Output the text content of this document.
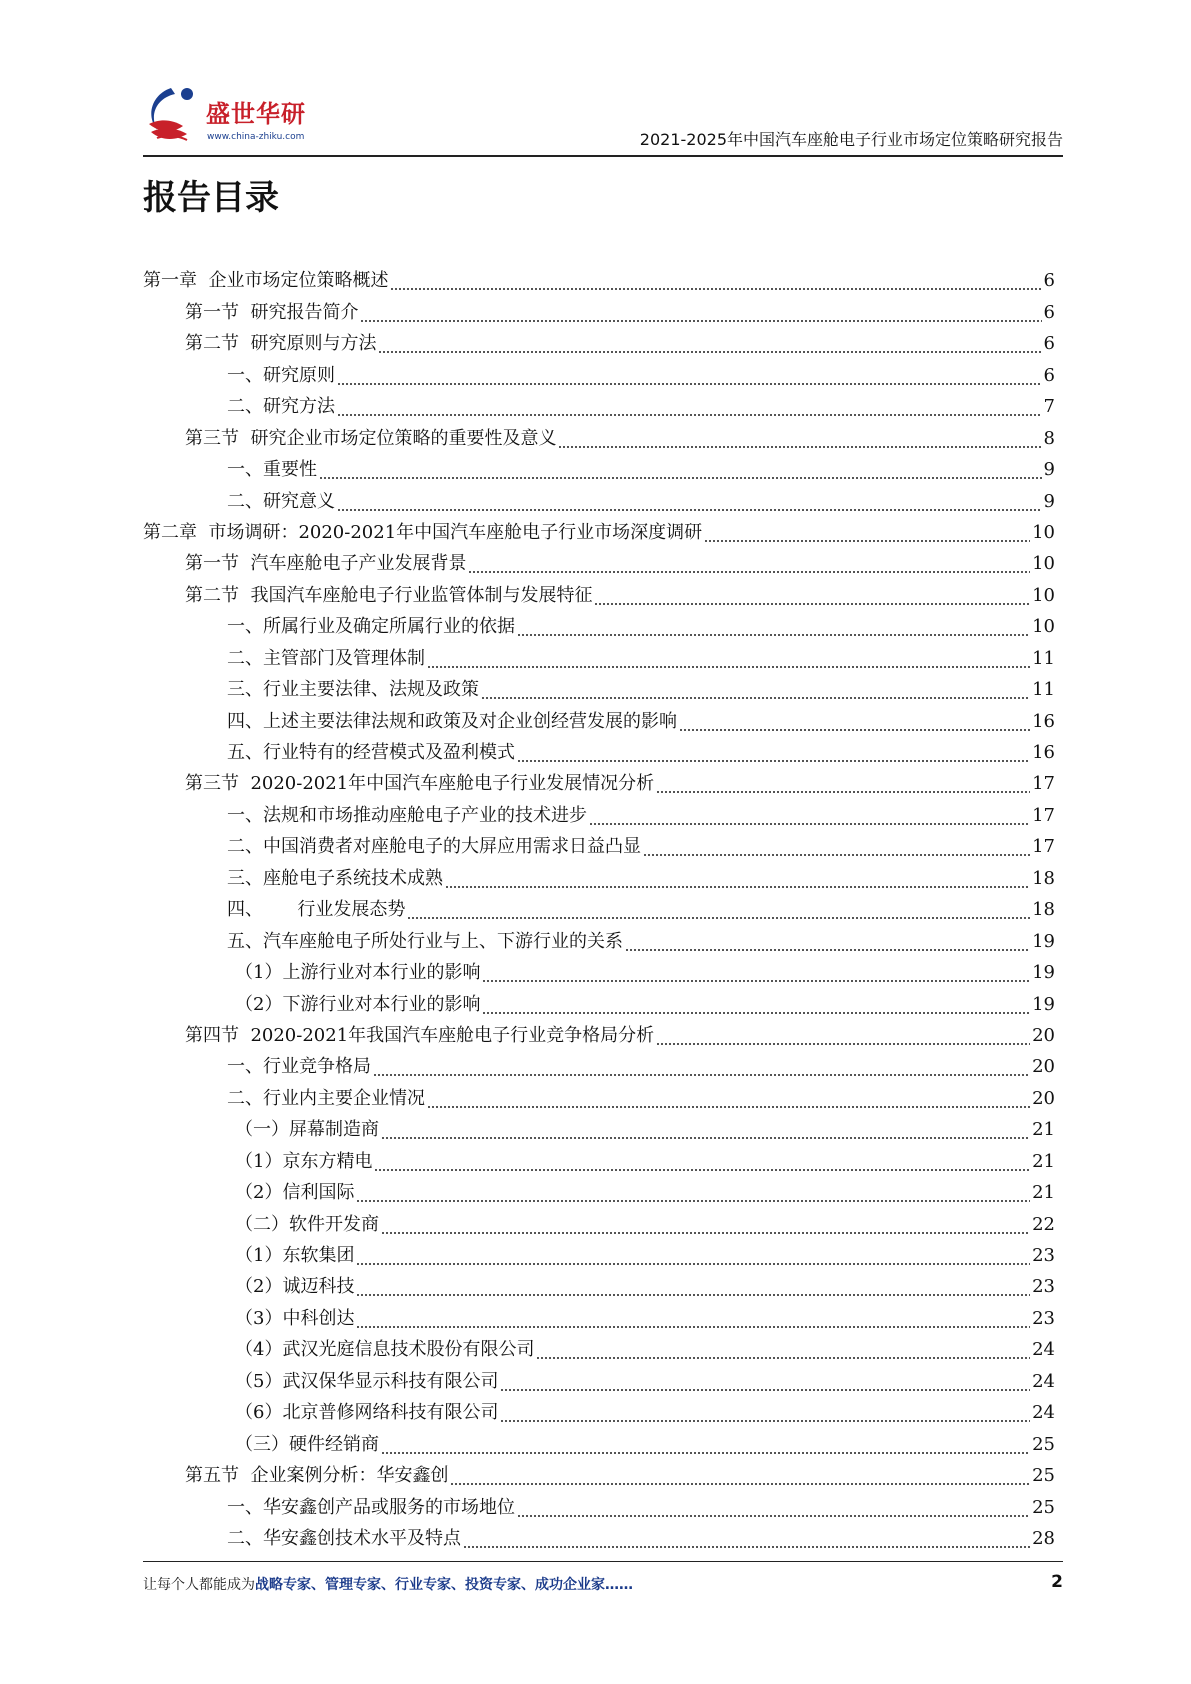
盛世华研
www.china-zhiku.com	2021-2025年中国汽车座舱电子行业市场定位策略研究报告
报告目录
第一章  企业市场定位策略概述	6
第一节  研究报告简介	6
第二节  研究原则与方法	6
一、研究原则	6
二、研究方法	7
第三节  研究企业市场定位策略的重要性及意义	8
一、重要性	9
二、研究意义	9
第二章  市场调研：2020-2021年中国汽车座舱电子行业市场深度调研	10
第一节  汽车座舱电子产业发展背景	10
第二节  我国汽车座舱电子行业监管体制与发展特征	10
一、所属行业及确定所属行业的依据	10
二、主管部门及管理体制	11
三、行业主要法律、法规及政策	11
四、上述主要法律法规和政策及对企业创经营发展的影响	16
五、行业特有的经营模式及盈利模式	16
第三节  2020-2021年中国汽车座舱电子行业发展情况分析	17
一、法规和市场推动座舱电子产业的技术进步	17
二、中国消费者对座舱电子的大屏应用需求日益凸显	17
三、座舱电子系统技术成熟	18
四、      行业发展态势	18
五、汽车座舱电子所处行业与上、下游行业的关系	19
（1）上游行业对本行业的影响	19
（2）下游行业对本行业的影响	19
第四节  2020-2021年我国汽车座舱电子行业竞争格局分析	20
一、行业竞争格局	20
二、行业内主要企业情况	20
（一）屏幕制造商	21
（1）京东方精电	21
（2）信利国际	21
（二）软件开发商	22
（1）东软集团	23
（2）诚迈科技	23
（3）中科创达	23
（4）武汉光庭信息技术股份有限公司	24
（5）武汉保华显示科技有限公司	24
（6）北京普修网络科技有限公司	24
（三）硬件经销商	25
第五节  企业案例分析：华安鑫创	25
一、华安鑫创产品或服务的市场地位	25
二、华安鑫创技术水平及特点	28
让每个人都能成为战略专家、管理专家、行业专家、投资专家、成功企业家……	2
